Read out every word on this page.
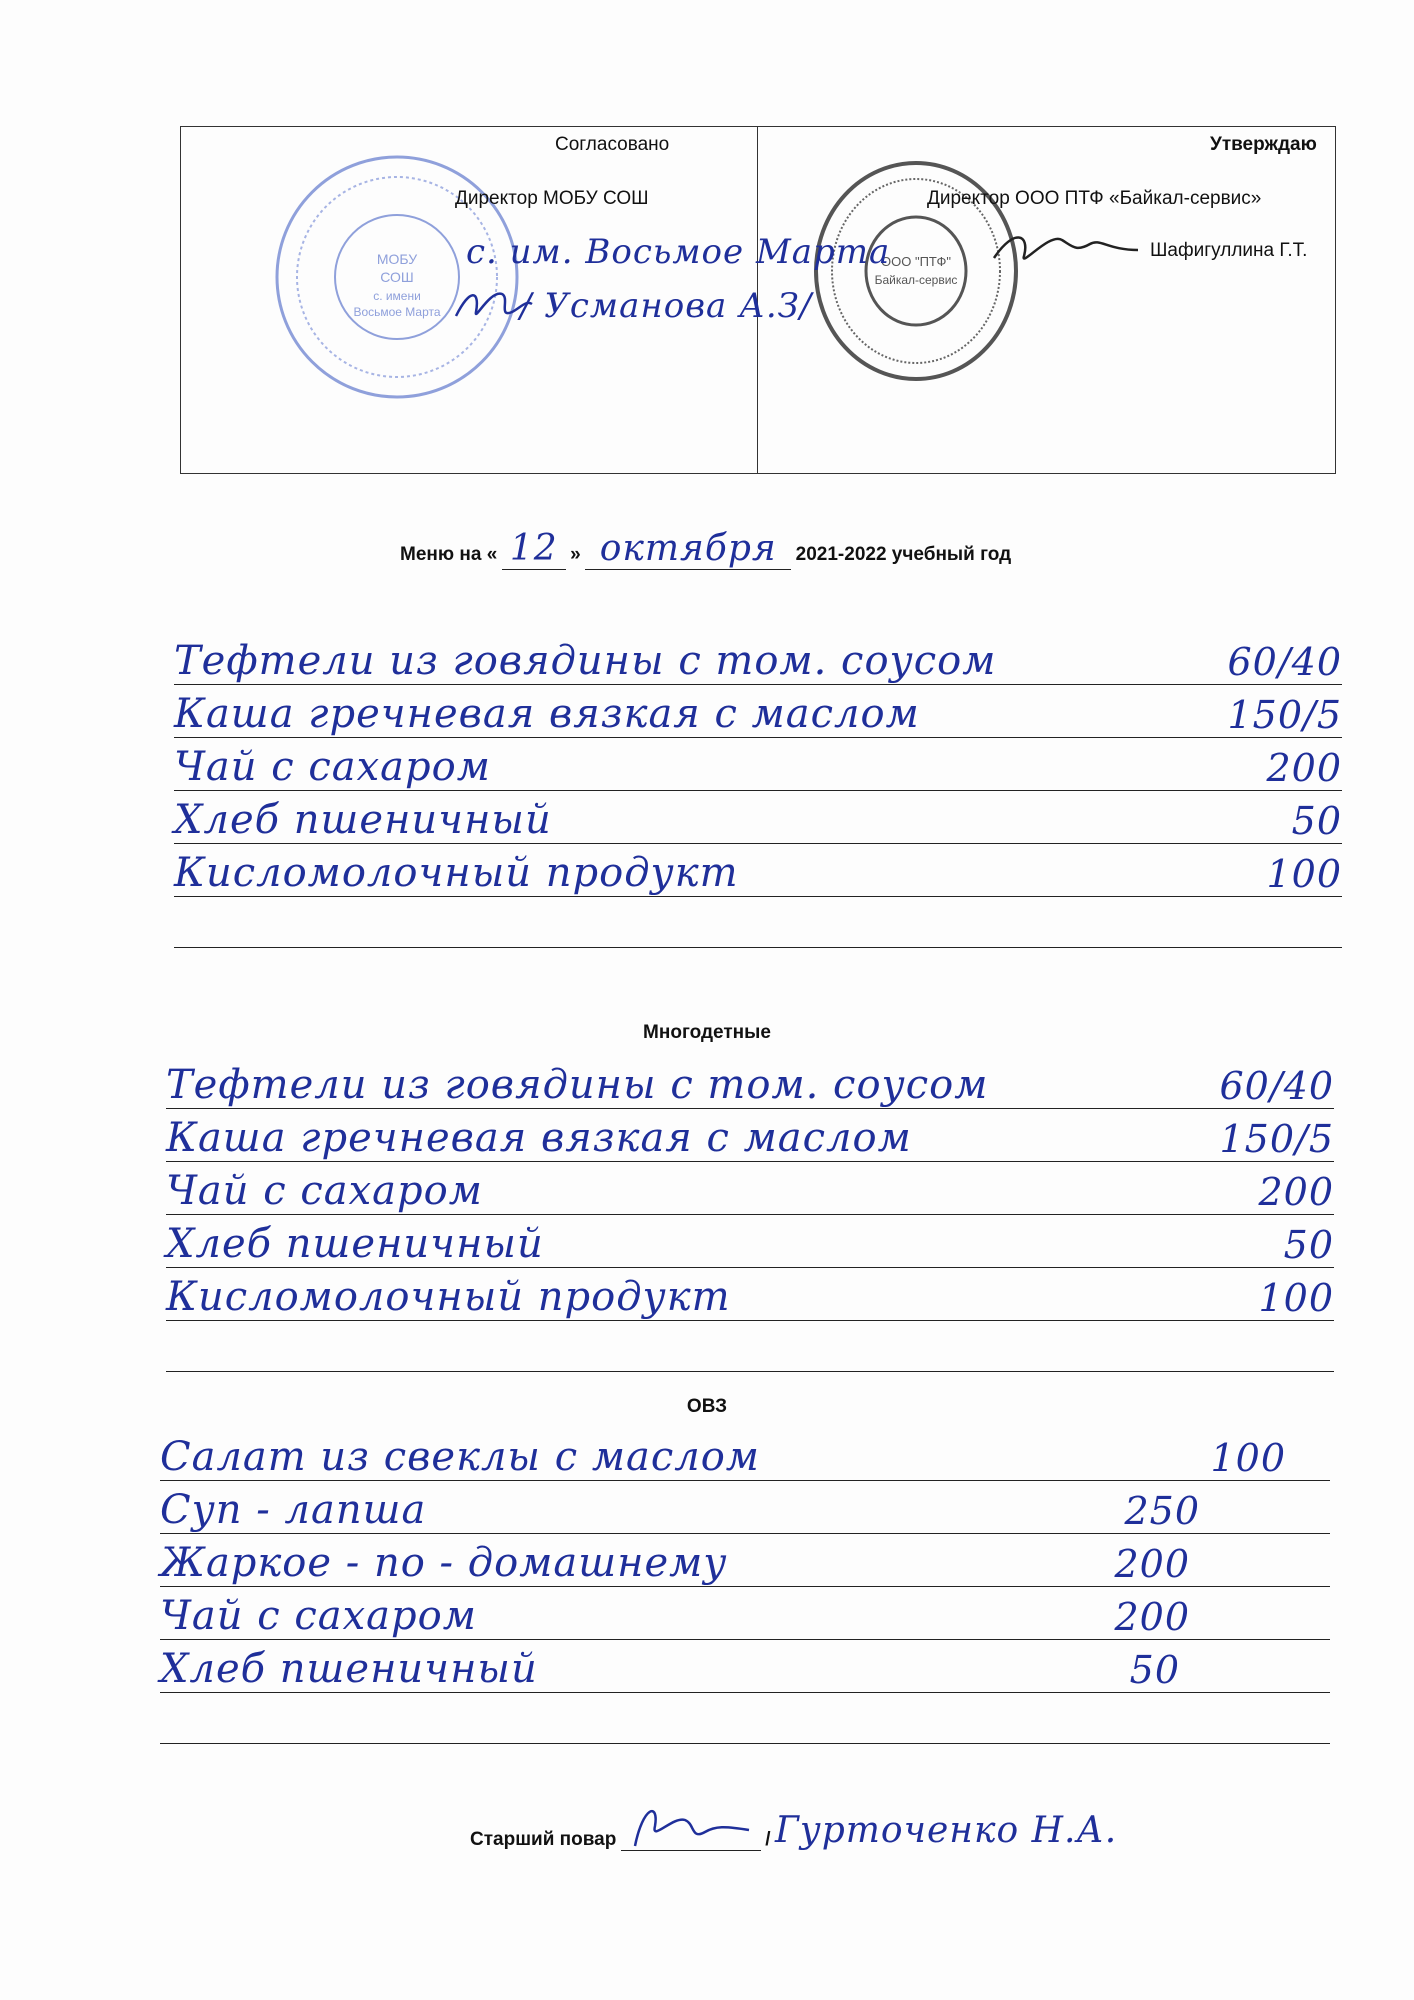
МОБУ
СОШ
с. имени
Восьмое Марта
ООО "ПТФ"
Байкал-сервис
Согласовано
Директор МОБУ СОШ
с. им. Восьмое Марта
/ Усманова А.З/
Утверждаю
Директор ООО ПТФ «Байкал-сервис»
Шафигуллина Г.Т.
Меню на « 12 » октября 2021-2022 учебный год
Тефтели из говядины с том. соусом	60/40
Каша гречневая вязкая с маслом	150/5
Чай с сахаром	200
Хлеб пшеничный	50
Кисломолочный продукт	100
Многодетные
Тефтели из говядины с том. соусом	60/40
Каша гречневая вязкая с маслом	150/5
Чай с сахаром	200
Хлеб пшеничный	50
Кисломолочный продукт	100
ОВЗ
Салат из свеклы с маслом	100
Суп - лапша	250
Жаркое - по - домашнему	200
Чай с сахаром	200
Хлеб пшеничный	50
Старший повар	/ Гурточенко Н.А.
